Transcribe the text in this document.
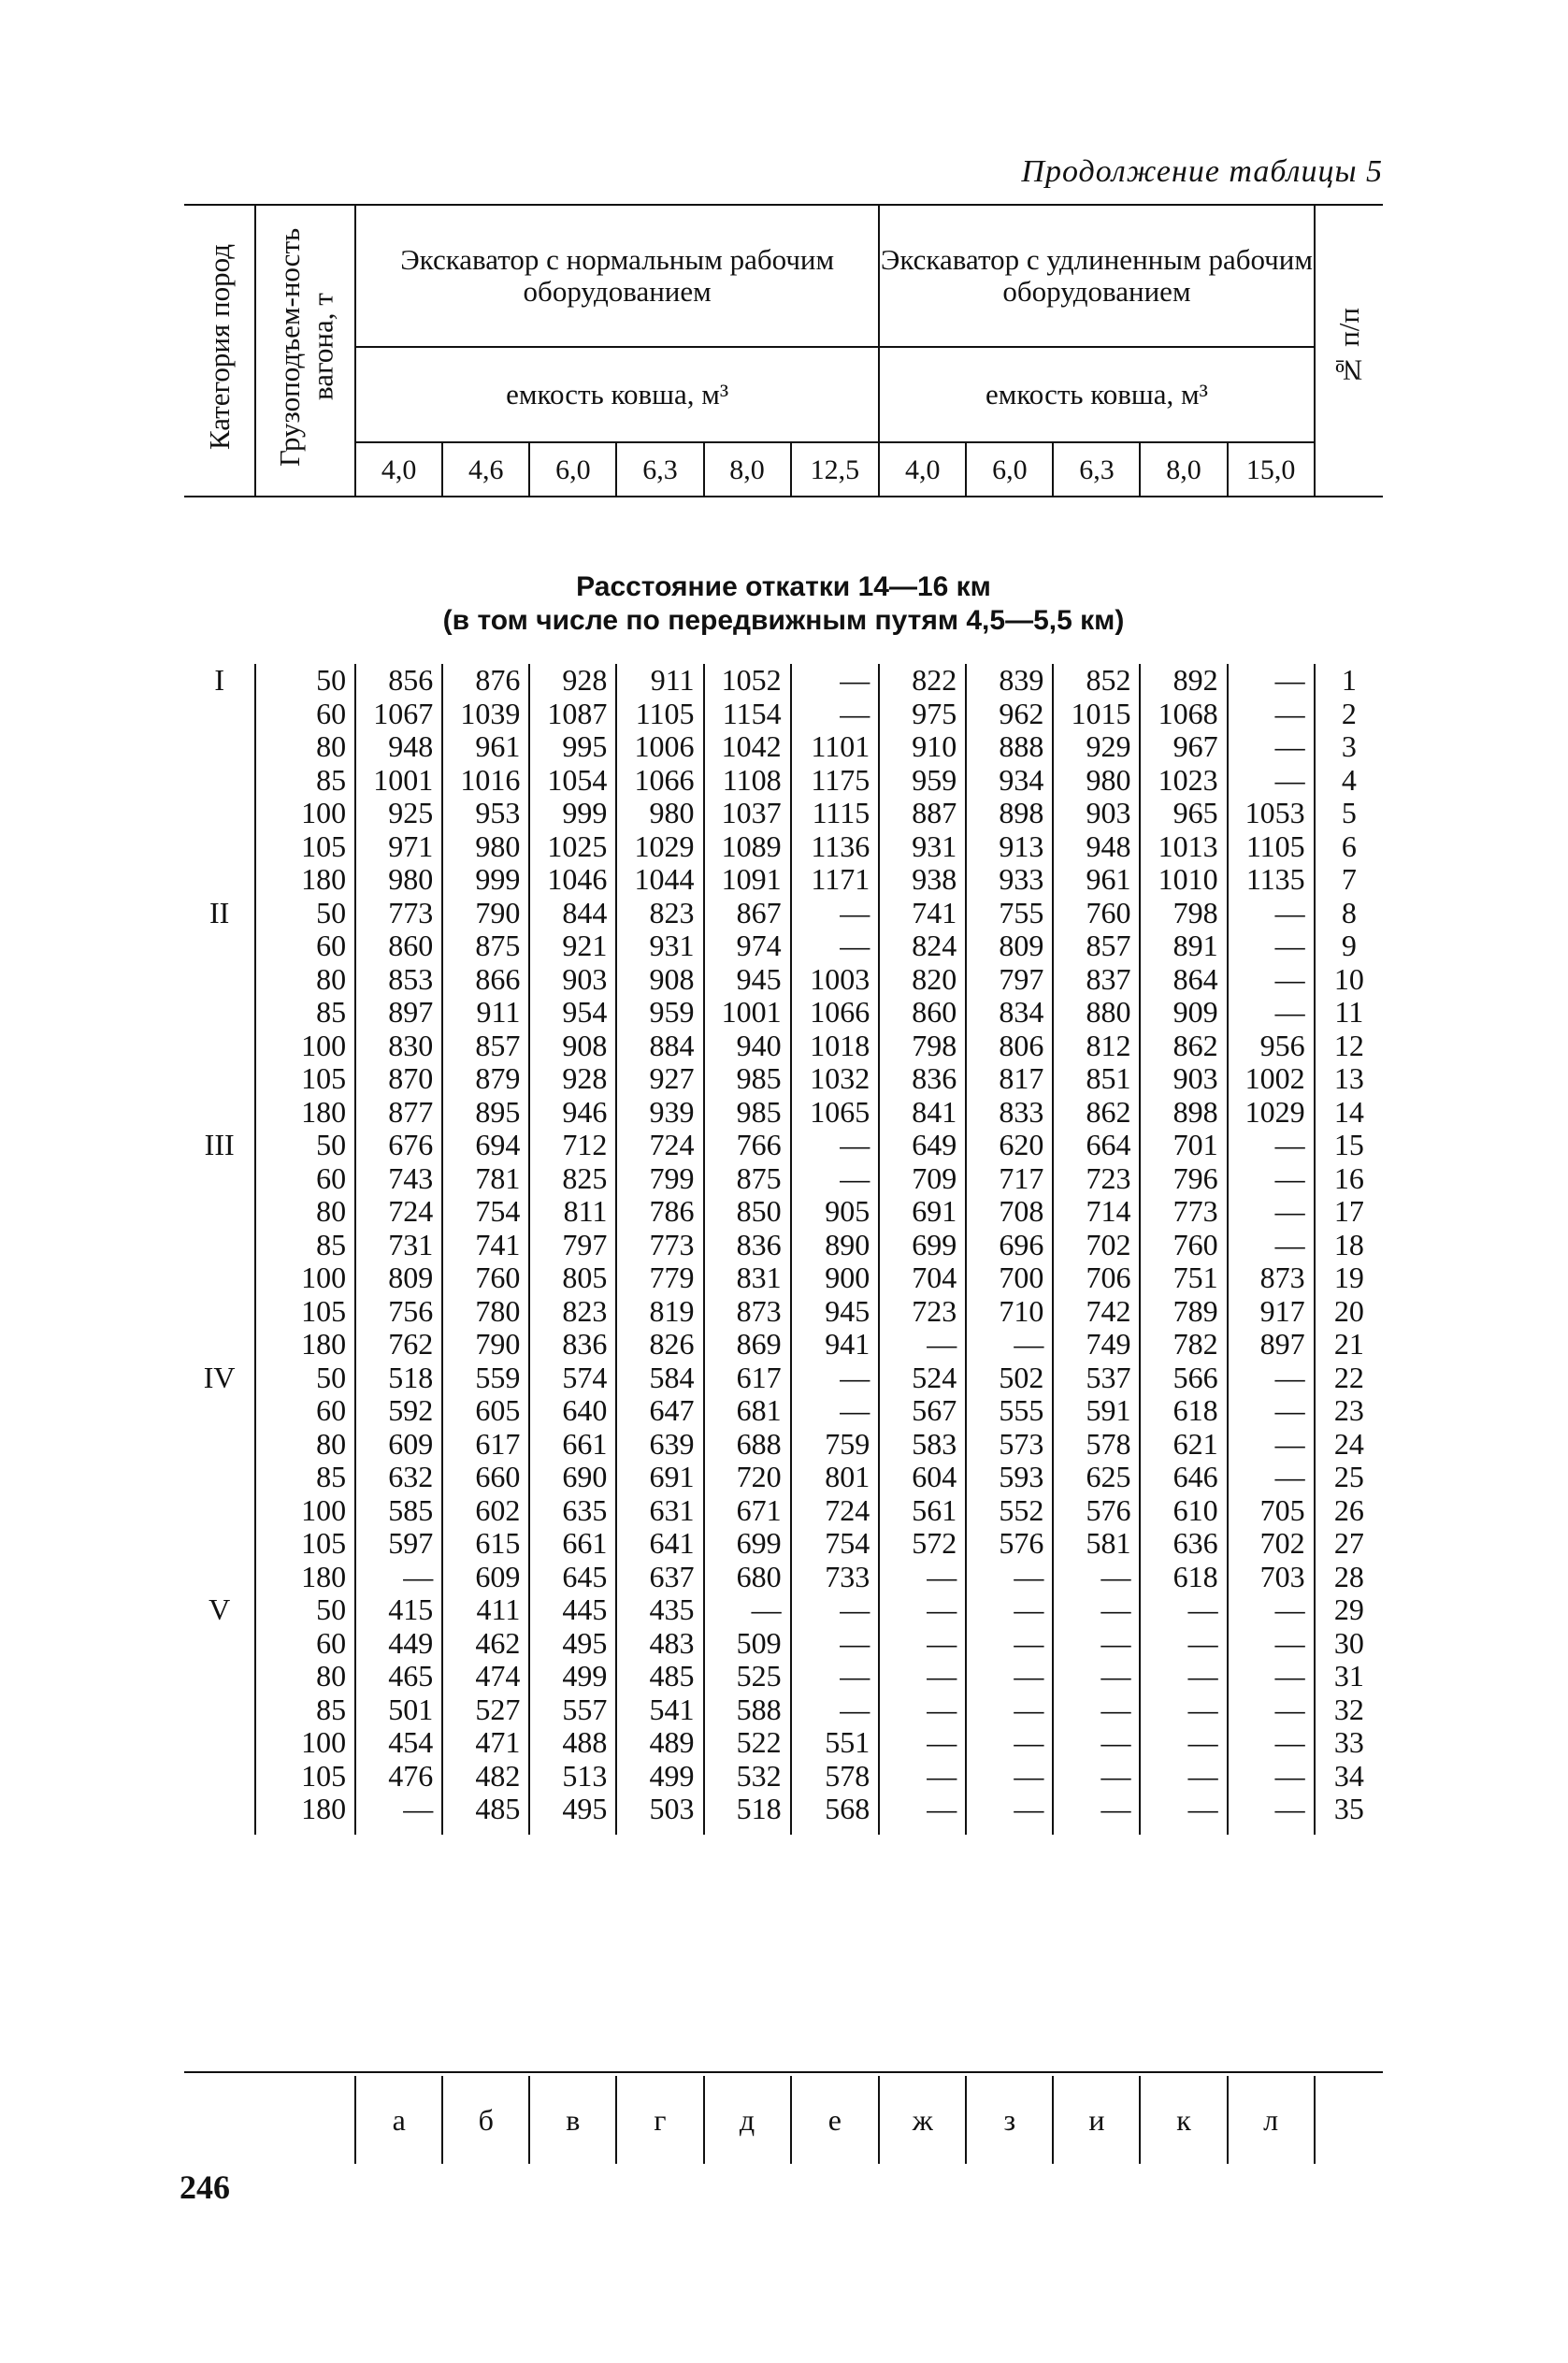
Продолжение таблицы 5
Категория пород	Грузоподъем-ность вагона, т	Экскаватор с нормальным рабочим оборудованием						Экскаватор с удлиненным рабочим оборудованием					№ п/п
		емкость ковша, м³						емкость ковша, м³					
		4,0	4,6	6,0	6,3	8,0	12,5	4,0	6,0	6,3	8,0	15,0	
Расстояние откатки 14—16 км
(в том числе по передвижным путям 4,5—5,5 км)
I	50	856	876	928	911	1052	—	822	839	852	892	—	1
	60	1067	1039	1087	1105	1154	—	975	962	1015	1068	—	2
	80	948	961	995	1006	1042	1101	910	888	929	967	—	3
	85	1001	1016	1054	1066	1108	1175	959	934	980	1023	—	4
	100	925	953	999	980	1037	1115	887	898	903	965	1053	5
	105	971	980	1025	1029	1089	1136	931	913	948	1013	1105	6
	180	980	999	1046	1044	1091	1171	938	933	961	1010	1135	7
II	50	773	790	844	823	867	—	741	755	760	798	—	8
	60	860	875	921	931	974	—	824	809	857	891	—	9
	80	853	866	903	908	945	1003	820	797	837	864	—	10
	85	897	911	954	959	1001	1066	860	834	880	909	—	11
	100	830	857	908	884	940	1018	798	806	812	862	956	12
	105	870	879	928	927	985	1032	836	817	851	903	1002	13
	180	877	895	946	939	985	1065	841	833	862	898	1029	14
III	50	676	694	712	724	766	—	649	620	664	701	—	15
	60	743	781	825	799	875	—	709	717	723	796	—	16
	80	724	754	811	786	850	905	691	708	714	773	—	17
	85	731	741	797	773	836	890	699	696	702	760	—	18
	100	809	760	805	779	831	900	704	700	706	751	873	19
	105	756	780	823	819	873	945	723	710	742	789	917	20
	180	762	790	836	826	869	941	—	—	749	782	897	21
IV	50	518	559	574	584	617	—	524	502	537	566	—	22
	60	592	605	640	647	681	—	567	555	591	618	—	23
	80	609	617	661	639	688	759	583	573	578	621	—	24
	85	632	660	690	691	720	801	604	593	625	646	—	25
	100	585	602	635	631	671	724	561	552	576	610	705	26
	105	597	615	661	641	699	754	572	576	581	636	702	27
	180	—	609	645	637	680	733	—	—	—	618	703	28
V	50	415	411	445	435	—	—	—	—	—	—	—	29
	60	449	462	495	483	509	—	—	—	—	—	—	30
	80	465	474	499	485	525	—	—	—	—	—	—	31
	85	501	527	557	541	588	—	—	—	—	—	—	32
	100	454	471	488	489	522	551	—	—	—	—	—	33
	105	476	482	513	499	532	578	—	—	—	—	—	34
	180	—	485	495	503	518	568	—	—	—	—	—	35
		а	б	в	г	д	е	ж	з	и	к	л	
246
